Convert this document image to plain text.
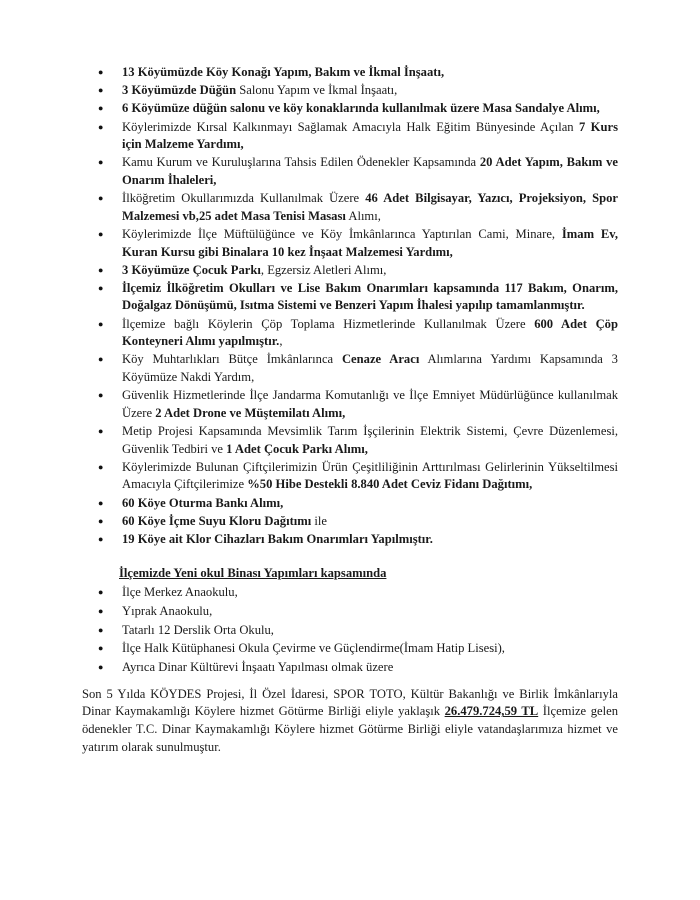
● 13 Köyümüzde Köy Konağı Yapım, Bakım ve İkmal İnşaatı,
● 3 Köyümüzde Düğün Salonu Yapım ve İkmal İnşaatı,
● 6 Köyümüze düğün salonu ve köy konaklarında kullanılmak üzere Masa Sandalye Alımı,
● Köylerimizde Kırsal Kalkınmayı Sağlamak Amacıyla Halk Eğitim Bünyesinde Açılan 7 Kurs için Malzeme Yardımı,
● Kamu Kurum ve Kuruluşlarına Tahsis Edilen Ödenekler Kapsamında 20 Adet Yapım, Bakım ve Onarım İhaleleri,
● İlköğretim Okullarımızda Kullanılmak Üzere 46 Adet Bilgisayar, Yazıcı, Projeksiyon, Spor Malzemesi vb,25 adet Masa Tenisi Masası Alımı,
● Köylerimizde İlçe Müftülüğünce ve Köy İmkânlarınca Yaptırılan Cami, Minare, İmam Ev, Kuran Kursu gibi Binalara 10 kez İnşaat Malzemesi Yardımı,
● 3 Köyümüze Çocuk Parkı, Egzersiz Aletleri Alımı,
● İlçemiz İlköğretim Okulları ve Lise Bakım Onarımları kapsamında 117 Bakım, Onarım, Doğalgaz Dönüşümü, Isıtma Sistemi ve Benzeri Yapım İhalesi yapılıp tamamlanmıştır.
● İlçemize bağlı Köylerin Çöp Toplama Hizmetlerinde Kullanılmak Üzere 600 Adet Çöp Konteyneri Alımı yapılmıştır.,
● Köy Muhtarlıkları Bütçe İmkânlarınca Cenaze Aracı Alımlarına Yardımı Kapsamında 3 Köyümüze Nakdi Yardım,
● Güvenlik Hizmetlerinde İlçe Jandarma Komutanlığı ve İlçe Emniyet Müdürlüğünce kullanılmak Üzere 2 Adet Drone ve Müştemilatı Alımı,
● Metip Projesi Kapsamında Mevsimlik Tarım İşçilerinin Elektrik Sistemi, Çevre Düzenlemesi, Güvenlik Tedbiri ve 1 Adet Çocuk Parkı Alımı,
● Köylerimizde Bulunan Çiftçilerimizin Ürün Çeşitliliğinin Arttırılması Gelirlerinin Yükseltilmesi Amacıyla Çiftçilerimize %50 Hibe Destekli 8.840 Adet Ceviz Fidanı Dağıtımı,
● 60 Köye Oturma Bankı Alımı,
● 60 Köye İçme Suyu Kloru Dağıtımı ile
● 19 Köye ait Klor Cihazları Bakım Onarımları Yapılmıştır.
İlçemizde Yeni okul Binası Yapımları kapsamında
● İlçe Merkez Anaokulu,
● Yıprak Anaokulu,
● Tatarlı 12 Derslik Orta Okulu,
● İlçe Halk Kütüphanesi Okula Çevirme ve Güçlendirme(İmam Hatip Lisesi),
● Ayrıca Dinar Kültürevi İnşaatı Yapılması olmak üzere

Son 5 Yılda KÖYDES Projesi, İl Özel İdaresi, SPOR TOTO, Kültür Bakanlığı ve Birlik İmkânlarıyla Dinar Kaymakamlığı Köylere hizmet Götürme Birliği eliyle yaklaşık 26.479.724,59 TL İlçemize gelen ödenekler T.C. Dinar Kaymakamlığı Köylere hizmet Götürme Birliği eliyle vatandaşlarımıza hizmet ve yatırım olarak sunulmuştur.
